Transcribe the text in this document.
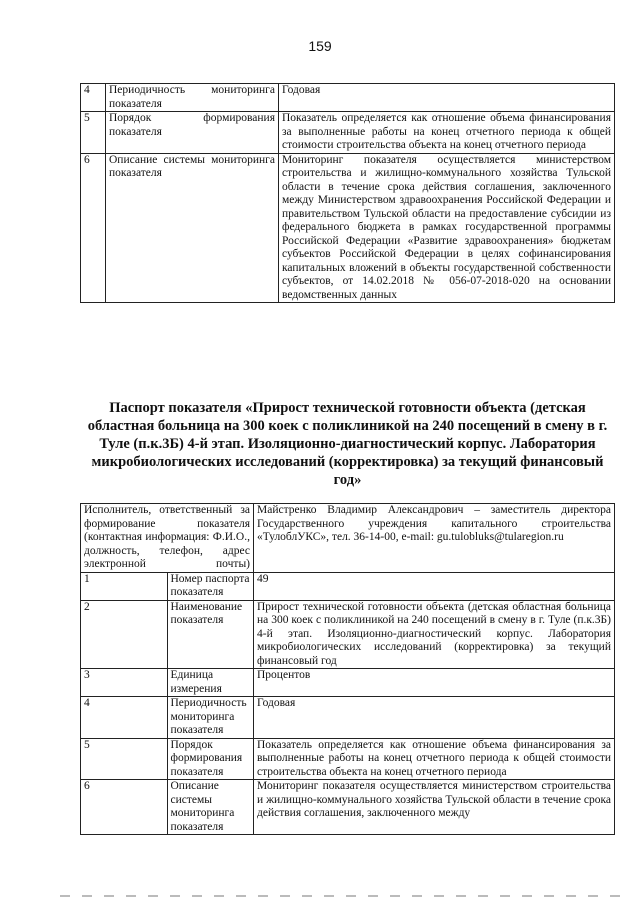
159
4	Периодичность мониторинга показателя	Годовая
5	Порядок формирования показателя	Показатель определяется как отношение объема финансирования за выполненные работы на конец отчетного периода к общей стоимости строительства объекта на конец отчетного периода
6	Описание системы мониторинга показателя	Мониторинг показателя осуществляется министерством строительства и жилищно-коммунального хозяйства Тульской области в течение срока действия соглашения, заключенного между Министерством здравоохранения Российской Федерации и правительством Тульской области на предоставление субсидии из федерального бюджета в рамках государственной программы Российской Федерации «Развитие здравоохранения» бюджетам субъектов Российской Федерации в целях софинансирования капитальных вложений в объекты государственной собственности субъектов, от 14.02.2018 № 056-07-2018-020 на основании ведомственных данных
Паспорт показателя «Прирост технической готовности объекта (детская областная больница на 300 коек с поликлиникой на 240 посещений в смену в г. Туле (п.к.3Б) 4-й этап. Изоляционно-диагностический корпус. Лаборатория микробиологических исследований (корректировка) за текущий финансовый год»
Исполнитель, ответственный за формирование показателя (контактная информация: Ф.И.О., должность, телефон, адрес электронной почты)		Майстренко Владимир Александрович – заместитель директора Государственного учреждения капитального строительства «ТулоблУКС», тел. 36-14-00, e-mail: gu.tulobluks@tularegion.ru
1	Номер паспорта показателя	49
2	Наименование показателя	Прирост технической готовности объекта (детская областная больница на 300 коек с поликлиникой на 240 посещений в смену в г. Туле (п.к.3Б) 4-й этап. Изоляционно-диагностический корпус. Лаборатория микробиологических исследований (корректировка) за текущий финансовый год
3	Единица измерения	Процентов
4	Периодичность мониторинга показателя	Годовая
5	Порядок формирования показателя	Показатель определяется как отношение объема финансирования за выполненные работы на конец отчетного периода к общей стоимости строительства объекта на конец отчетного периода
6	Описание системы мониторинга показателя	Мониторинг показателя осуществляется министерством строительства и жилищно-коммунального хозяйства Тульской области в течение срока действия соглашения, заключенного между
